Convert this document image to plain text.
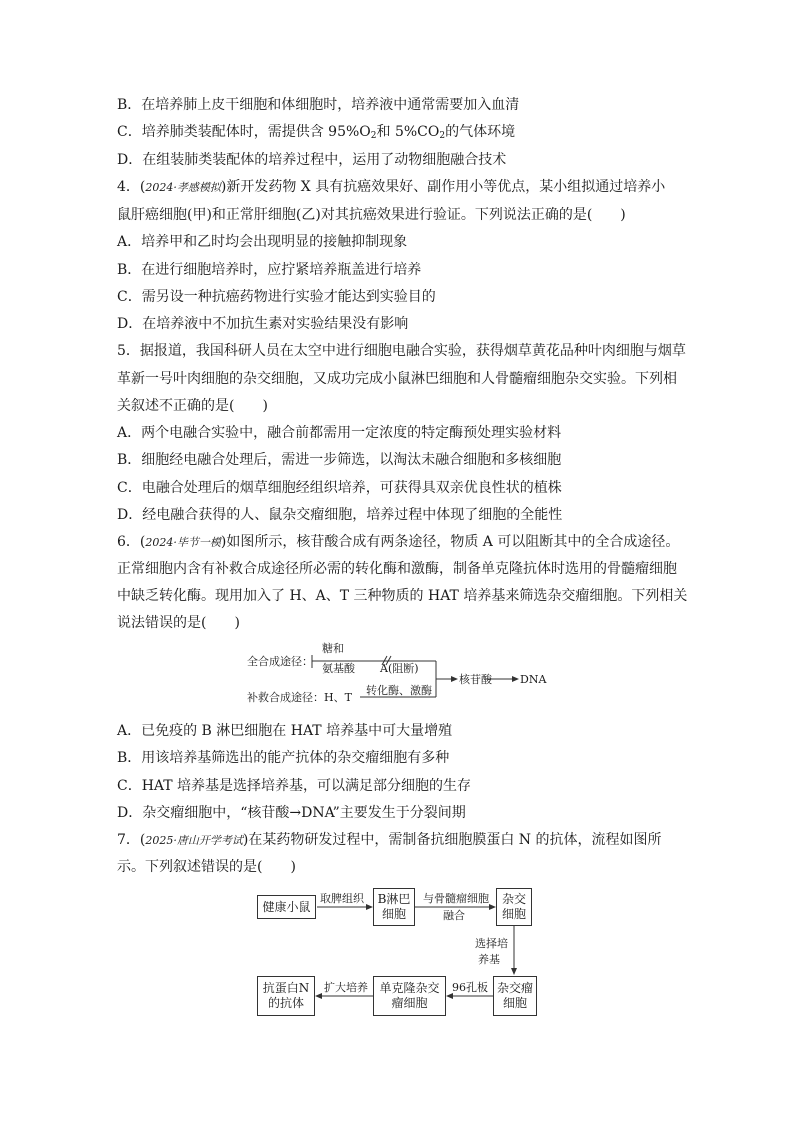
B．在培养肺上皮干细胞和体细胞时，培养液中通常需要加入血清
C．培养肺类装配体时，需提供含 $95\%O_2$和 $5\%CO_2$的气体环境
D．在组装肺类装配体的培养过程中，运用了动物细胞融合技术
4．(2024·孝感模拟)新开发药物 X 具有抗癌效果好、副作用小等优点，某小组拟通过培养小
鼠肝癌细胞(甲)和正常肝细胞(乙)对其抗癌效果进行验证。下列说法正确的是(　　)
A．培养甲和乙时均会出现明显的接触抑制现象
B．在进行细胞培养时，应拧紧培养瓶盖进行培养
C．需另设一种抗癌药物进行实验才能达到实验目的
D．在培养液中不加抗生素对实验结果没有影响
5．据报道，我国科研人员在太空中进行细胞电融合实验，获得烟草黄花品种叶肉细胞与烟草
革新一号叶肉细胞的杂交细胞，又成功完成小鼠淋巴细胞和人骨髓瘤细胞杂交实验。下列相
关叙述不正确的是(　　)
A．两个电融合实验中，融合前都需用一定浓度的特定酶预处理实验材料
B．细胞经电融合处理后，需进一步筛选，以淘汰未融合细胞和多核细胞
C．电融合处理后的烟草细胞经组织培养，可获得具双亲优良性状的植株
D．经电融合获得的人、鼠杂交瘤细胞，培养过程中体现了细胞的全能性
6．(2024·毕节一模)如图所示，核苷酸合成有两条途径，物质 A 可以阻断其中的全合成途径。
正常细胞内含有补救合成途径所必需的转化酶和激酶，制备单克隆抗体时选用的骨髓瘤细胞
中缺乏转化酶。现用加入了 H、A、T 三种物质的 HAT 培养基来筛选杂交瘤细胞。下列相关
说法错误的是(　　)
全合成途径：
糖和
氨基酸 A(阻断)
补救合成途径：H、T
转化酶、激酶
核苷酸	DNA
A．已免疫的 B 淋巴细胞在 HAT 培养基中可大量增殖
B．用该培养基筛选出的能产抗体的杂交瘤细胞有多种
C．HAT 培养基是选择培养基，可以满足部分细胞的生存
D．杂交瘤细胞中，“核苷酸→DNA”主要发生于分裂间期
7．(2025·唐山开学考试)在某药物研发过程中，需制备抗细胞膜蛋白 N 的抗体，流程如图所
示。下列叙述错误的是(　　)
健康小鼠
取脾组织 B淋巴
细胞
与骨髓瘤细胞
融合
杂交
细胞
选择培
养基
杂交瘤
细胞
96孔板
单克隆杂交
瘤细胞
扩大培养
抗蛋白N
的抗体
